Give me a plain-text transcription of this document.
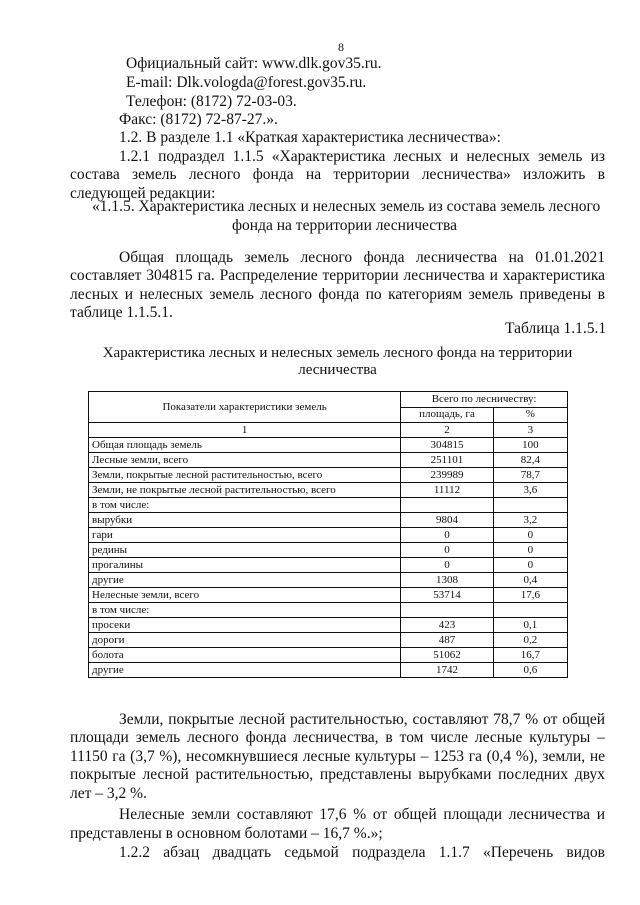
8
Официальный сайт: www.dlk.gov35.ru.
E-mail: Dlk.vologda@forest.gov35.ru.
Телефон: (8172) 72-03-03.
Факс: (8172) 72-87-27.».
1.2. В разделе 1.1 «Краткая характеристика лесничества»:
1.2.1 подраздел 1.1.5 «Характеристика лесных и нелесных земель из
состава земель лесного фонда на территории лесничества» изложить в
следующей редакции:
«1.1.5. Характеристика лесных и нелесных земель из состава земель лесного
фонда на территории лесничества
Общая площадь земель лесного фонда лесничества на 01.01.2021
составляет 304815 га. Распределение территории лесничества и характеристика
лесных и нелесных земель лесного фонда по категориям земель приведены в
таблице 1.1.5.1.
Таблица 1.1.5.1
Характеристика лесных и нелесных земель лесного фонда на территории
лесничества
Показатели характеристики земель	Всего по лесничеству:	
	площадь, га	%
1	2	3
Общая площадь земель	304815	100
Лесные земли, всего	251101	82,4
Земли, покрытые лесной растительностью, всего	239989	78,7
Земли, не покрытые лесной растительностью, всего	11112	3,6
в том числе:		
вырубки	9804	3,2
гари	0	0
редины	0	0
прогалины	0	0
другие	1308	0,4
Нелесные земли, всего	53714	17,6
в том числе:		
просеки	423	0,1
дороги	487	0,2
болота	51062	16,7
другие	1742	0,6
Земли, покрытые лесной растительностью, составляют 78,7 % от общей
площади земель лесного фонда лесничества, в том числе лесные культуры –
11150 га (3,7 %), несомкнувшиеся лесные культуры – 1253 га (0,4 %), земли, не
покрытые лесной растительностью, представлены вырубками последних двух
лет – 3,2 %.
Нелесные земли составляют 17,6 % от общей площади лесничества и
представлены в основном болотами – 16,7 %.»;
1.2.2 абзац двадцать седьмой подраздела 1.1.7 «Перечень видов
